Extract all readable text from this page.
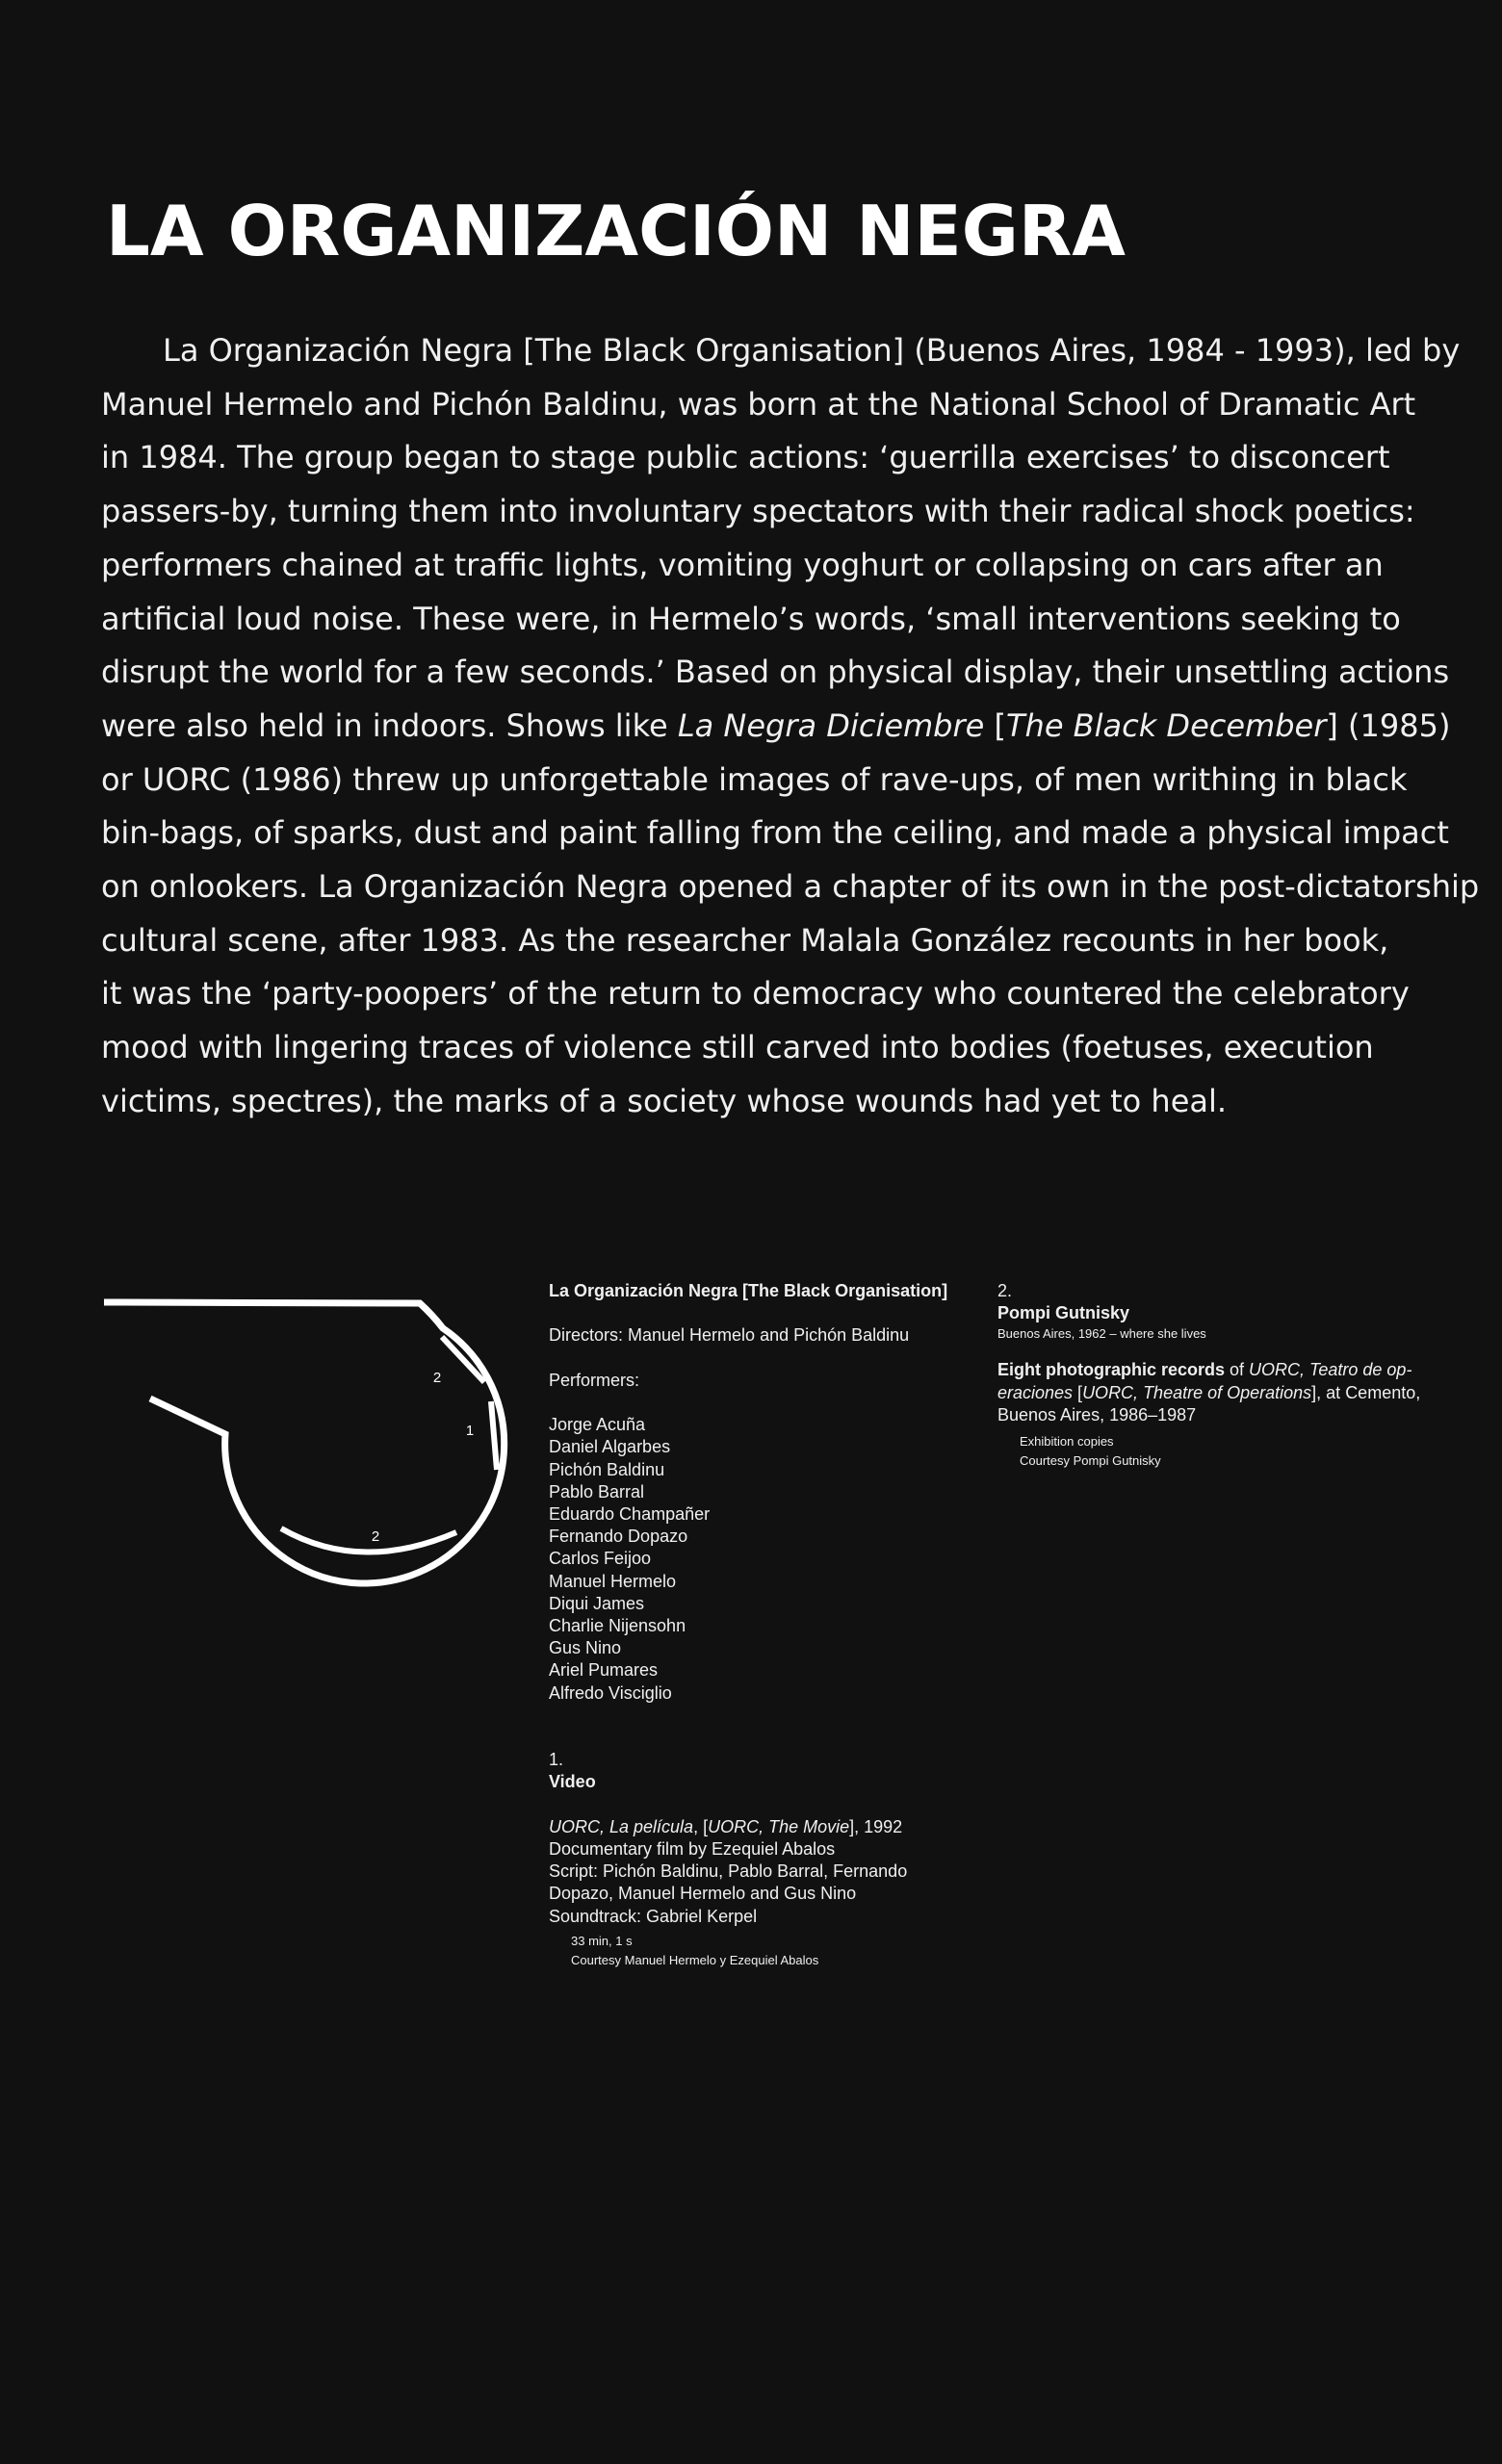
LA ORGANIZACIÓN NEGRA
La Organización Negra [The Black Organisation] (Buenos Aires, 1984 - 1993), led by
Manuel Hermelo and Pichón Baldinu, was born at the National School of Dramatic Art
in 1984. The group began to stage public actions: ‘guerrilla exercises’ to disconcert
passers-by, turning them into involuntary spectators with their radical shock poetics:
performers chained at traffic lights, vomiting yoghurt or collapsing on cars after an
artificial loud noise. These were, in Hermelo’s words, ‘small interventions seeking to
disrupt the world for a few seconds.’ Based on physical display, their unsettling actions
were also held in indoors. Shows like La Negra Diciembre [The Black December] (1985)
or UORC (1986) threw up unforgettable images of rave-ups, of men writhing in black
bin-bags, of sparks, dust and paint falling from the ceiling, and made a physical impact
on onlookers. La Organización Negra opened a chapter of its own in the post-dictatorship
cultural scene, after 1983. As the researcher Malala González recounts in her book,
it was the ‘party-poopers’ of the return to democracy who countered the celebratory
mood with lingering traces of violence still carved into bodies (foetuses, execution
victims, spectres), the marks of a society whose wounds had yet to heal.
2
1
2

La Organización Negra [The Black Organisation]

Directors: Manuel Hermelo and Pichón Baldinu

Performers:

Jorge Acuña

Daniel Algarbes

Pichón Baldinu

Pablo Barral

Eduardo Champañer

Fernando Dopazo

Carlos Feijoo

Manuel Hermelo

Diqui James

Charlie Nijensohn

Gus Nino

Ariel Pumares

Alfredo Visciglio

1.

Video

UORC, La película, [UORC, The Movie], 1992

Documentary film by Ezequiel Abalos

Script: Pichón Baldinu, Pablo Barral, Fernando

Dopazo, Manuel Hermelo and Gus Nino

Soundtrack: Gabriel Kerpel

33 min, 1 s

Courtesy Manuel Hermelo y Ezequiel Abalos

2.

Pompi Gutnisky

Buenos Aires, 1962 – where she lives

Eight photographic records of UORC, Teatro de op-

eraciones [UORC, Theatre of Operations], at Cemento,

Buenos Aires, 1986–1987

Exhibition copies

Courtesy Pompi Gutnisky
